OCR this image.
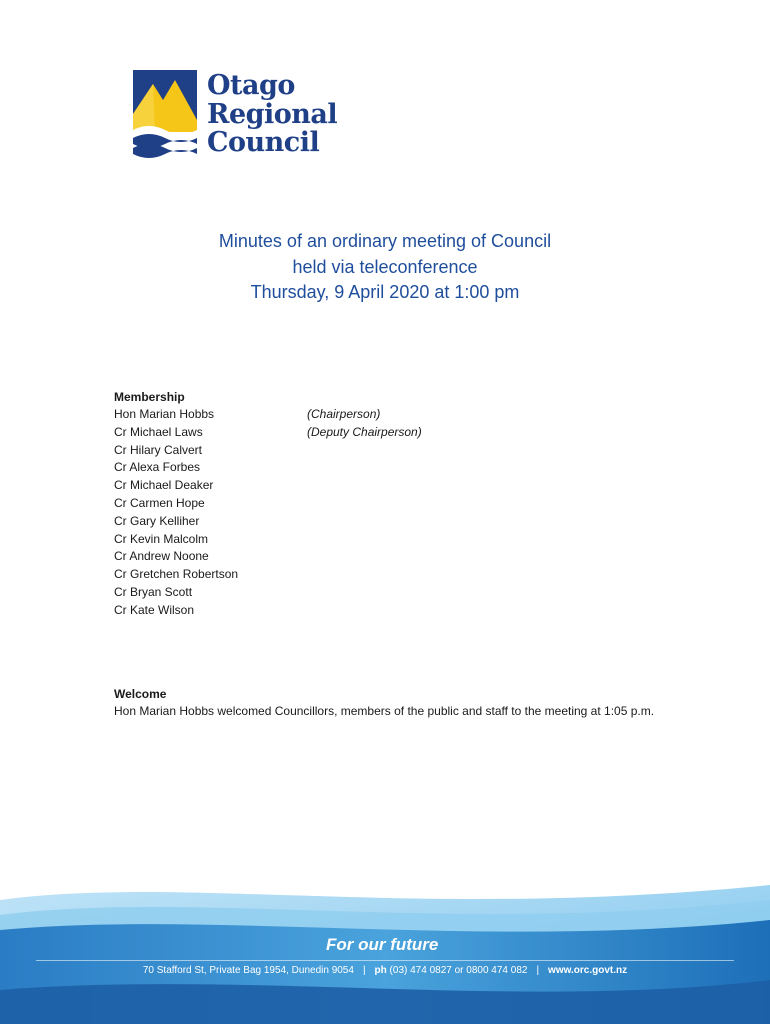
Otago
Regional
Council
Minutes of an ordinary meeting of Council
held via teleconference
Thursday, 9 April 2020 at 1:00 pm
Membership
Hon Marian Hobbs	(Chairperson)
Cr Michael Laws	(Deputy Chairperson)
Cr Hilary Calvert
Cr Alexa Forbes
Cr Michael Deaker
Cr Carmen Hope
Cr Gary Kelliher
Cr Kevin Malcolm
Cr Andrew Noone
Cr Gretchen Robertson
Cr Bryan Scott
Cr Kate Wilson
Welcome

Hon Marian Hobbs welcomed Councillors, members of the public and staff to the meeting at 1:05 p.m.

For our future
70 Stafford St, Private Bag 1954, Dunedin 9054 | ph (03) 474 0827 or 0800 474 082 | www.orc.govt.nz
